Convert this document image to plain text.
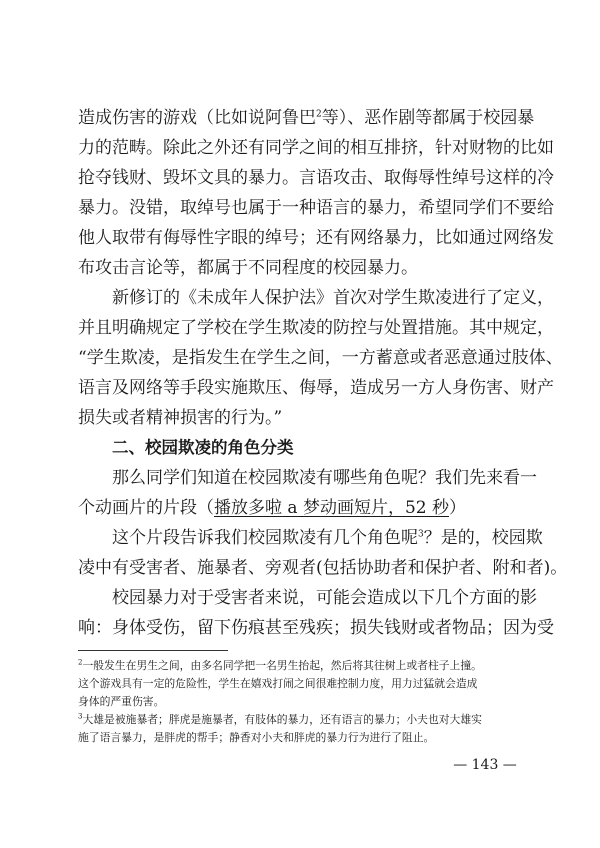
造成伤害的游戏（比如说阿鲁巴$^2$等）、恶作剧等都属于校园暴
力的范畴。除此之外还有同学之间的相互排挤，针对财物的比如
抢夺钱财、毁坏文具的暴力。言语攻击、取侮辱性绰号这样的冷
暴力。没错，取绰号也属于一种语言的暴力，希望同学们不要给
他人取带有侮辱性字眼的绰号；还有网络暴力，比如通过网络发
布攻击言论等，都属于不同程度的校园暴力。
新修订的《未成年人保护法》首次对学生欺凌进行了定义，
并且明确规定了学校在学生欺凌的防控与处置措施。其中规定，
“学生欺凌，是指发生在学生之间，一方蓄意或者恶意通过肢体、
语言及网络等手段实施欺压、侮辱，造成另一方人身伤害、财产
损失或者精神损害的行为。”
二、校园欺凌的角色分类
那么同学们知道在校园欺凌有哪些角色呢？我们先来看一
个动画片的片段（播放多啦 a 梦动画短片，52 秒）
这个片段告诉我们校园欺凌有几个角色呢$^3$？是的，校园欺
凌中有受害者、施暴者、旁观者(包括协助者和保护者、附和者)。
校园暴力对于受害者来说，可能会造成以下几个方面的影
响：身体受伤，留下伤痕甚至残疾；损失钱财或者物品；因为受
$^2$一般发生在男生之间，由多名同学把一名男生抬起，然后将其往树上或者柱子上撞。
这个游戏具有一定的危险性，学生在嬉戏打闹之间很难控制力度，用力过猛就会造成
身体的严重伤害。
$^3$大雄是被施暴者；胖虎是施暴者，有肢体的暴力，还有语言的暴力；小夫也对大雄实
施了语言暴力，是胖虎的帮手；静香对小夫和胖虎的暴力行为进行了阻止。
— 143 —
